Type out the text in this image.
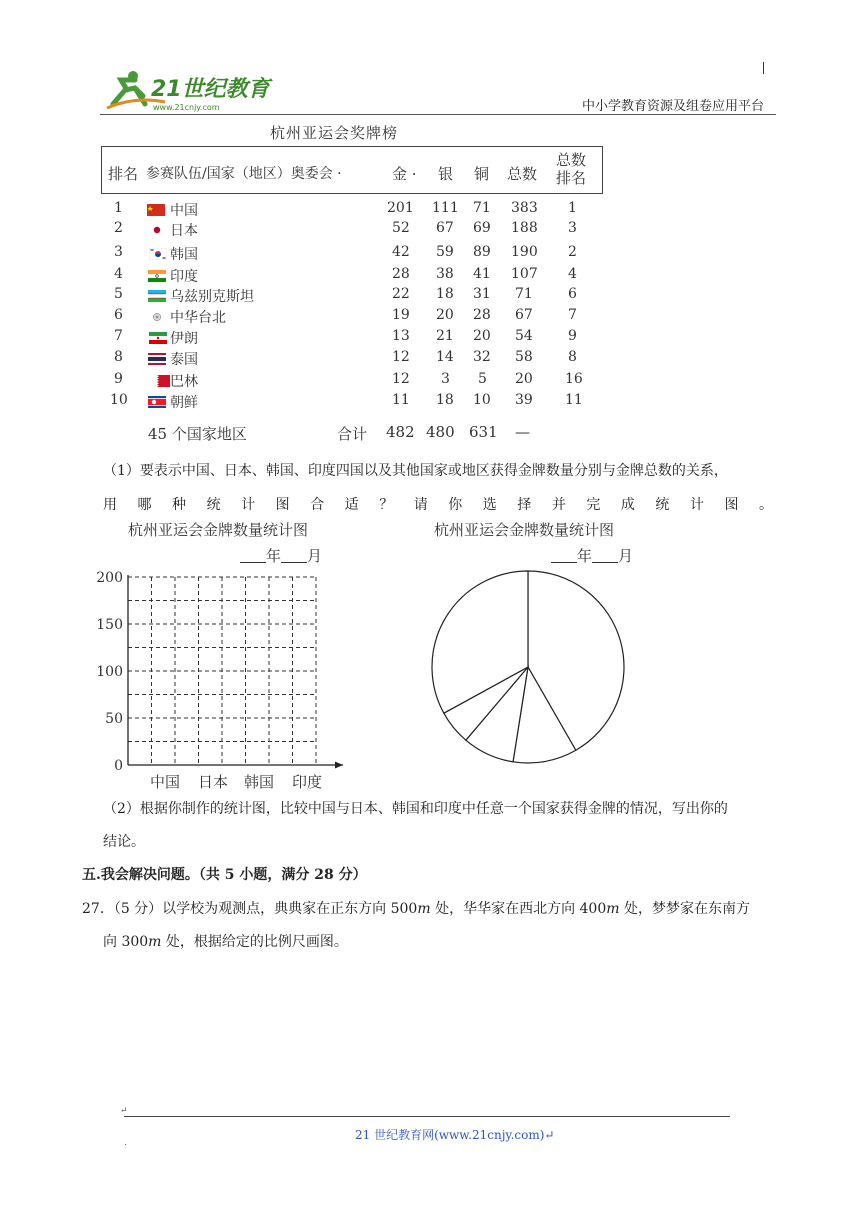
21世纪教育
www.21cnjy.com	中小学教育资源及组卷应用平台
杭州亚运会奖牌榜
排名 参赛队伍/国家（地区）奥委会 ·	金 · 银 铜 总数
总数
排名
1	中国	201 111 71 383 1
2	日本	52 67 69 188 3
3	韩国	42 59 89 190 2
4	印度	28 38 41 107 4
5	乌兹别克斯坦	22 18 31 71	6
6	中华台北	19 20 28 67	7
7	伊朗	13 21 20 54	9
8	泰国	12 14 32 58	8
9	巴林	12 3 5 20 16
10	朝鲜	11 18 10 39 11
45 个国家地区	合计 482 480 631 —
（1）要表示中国、日本、韩国、印度四国以及其他国家或地区获得金牌数量分别与金牌总数的关系，
用哪种统计图合适？请你选择并完成统计图。
杭州亚运会金牌数量统计图
年 月
杭州亚运会金牌数量统计图
年 月
0
50
100
150
200
中国 日本 韩国 印度
（2）根据你制作的统计图，比较中国与日本、韩国和印度中任意一个国家获得金牌的情况，写出你的
结论。
五.我会解决问题。（共 5 小题，满分 28 分）
27．（5 分）以学校为观测点，典典家在正东方向 500m 处，华华家在西北方向 400m 处，梦梦家在东南方
向 300m 处，根据给定的比例尺画图。
↵
.
21 世纪教育网(www.21cnjy.com)↵
